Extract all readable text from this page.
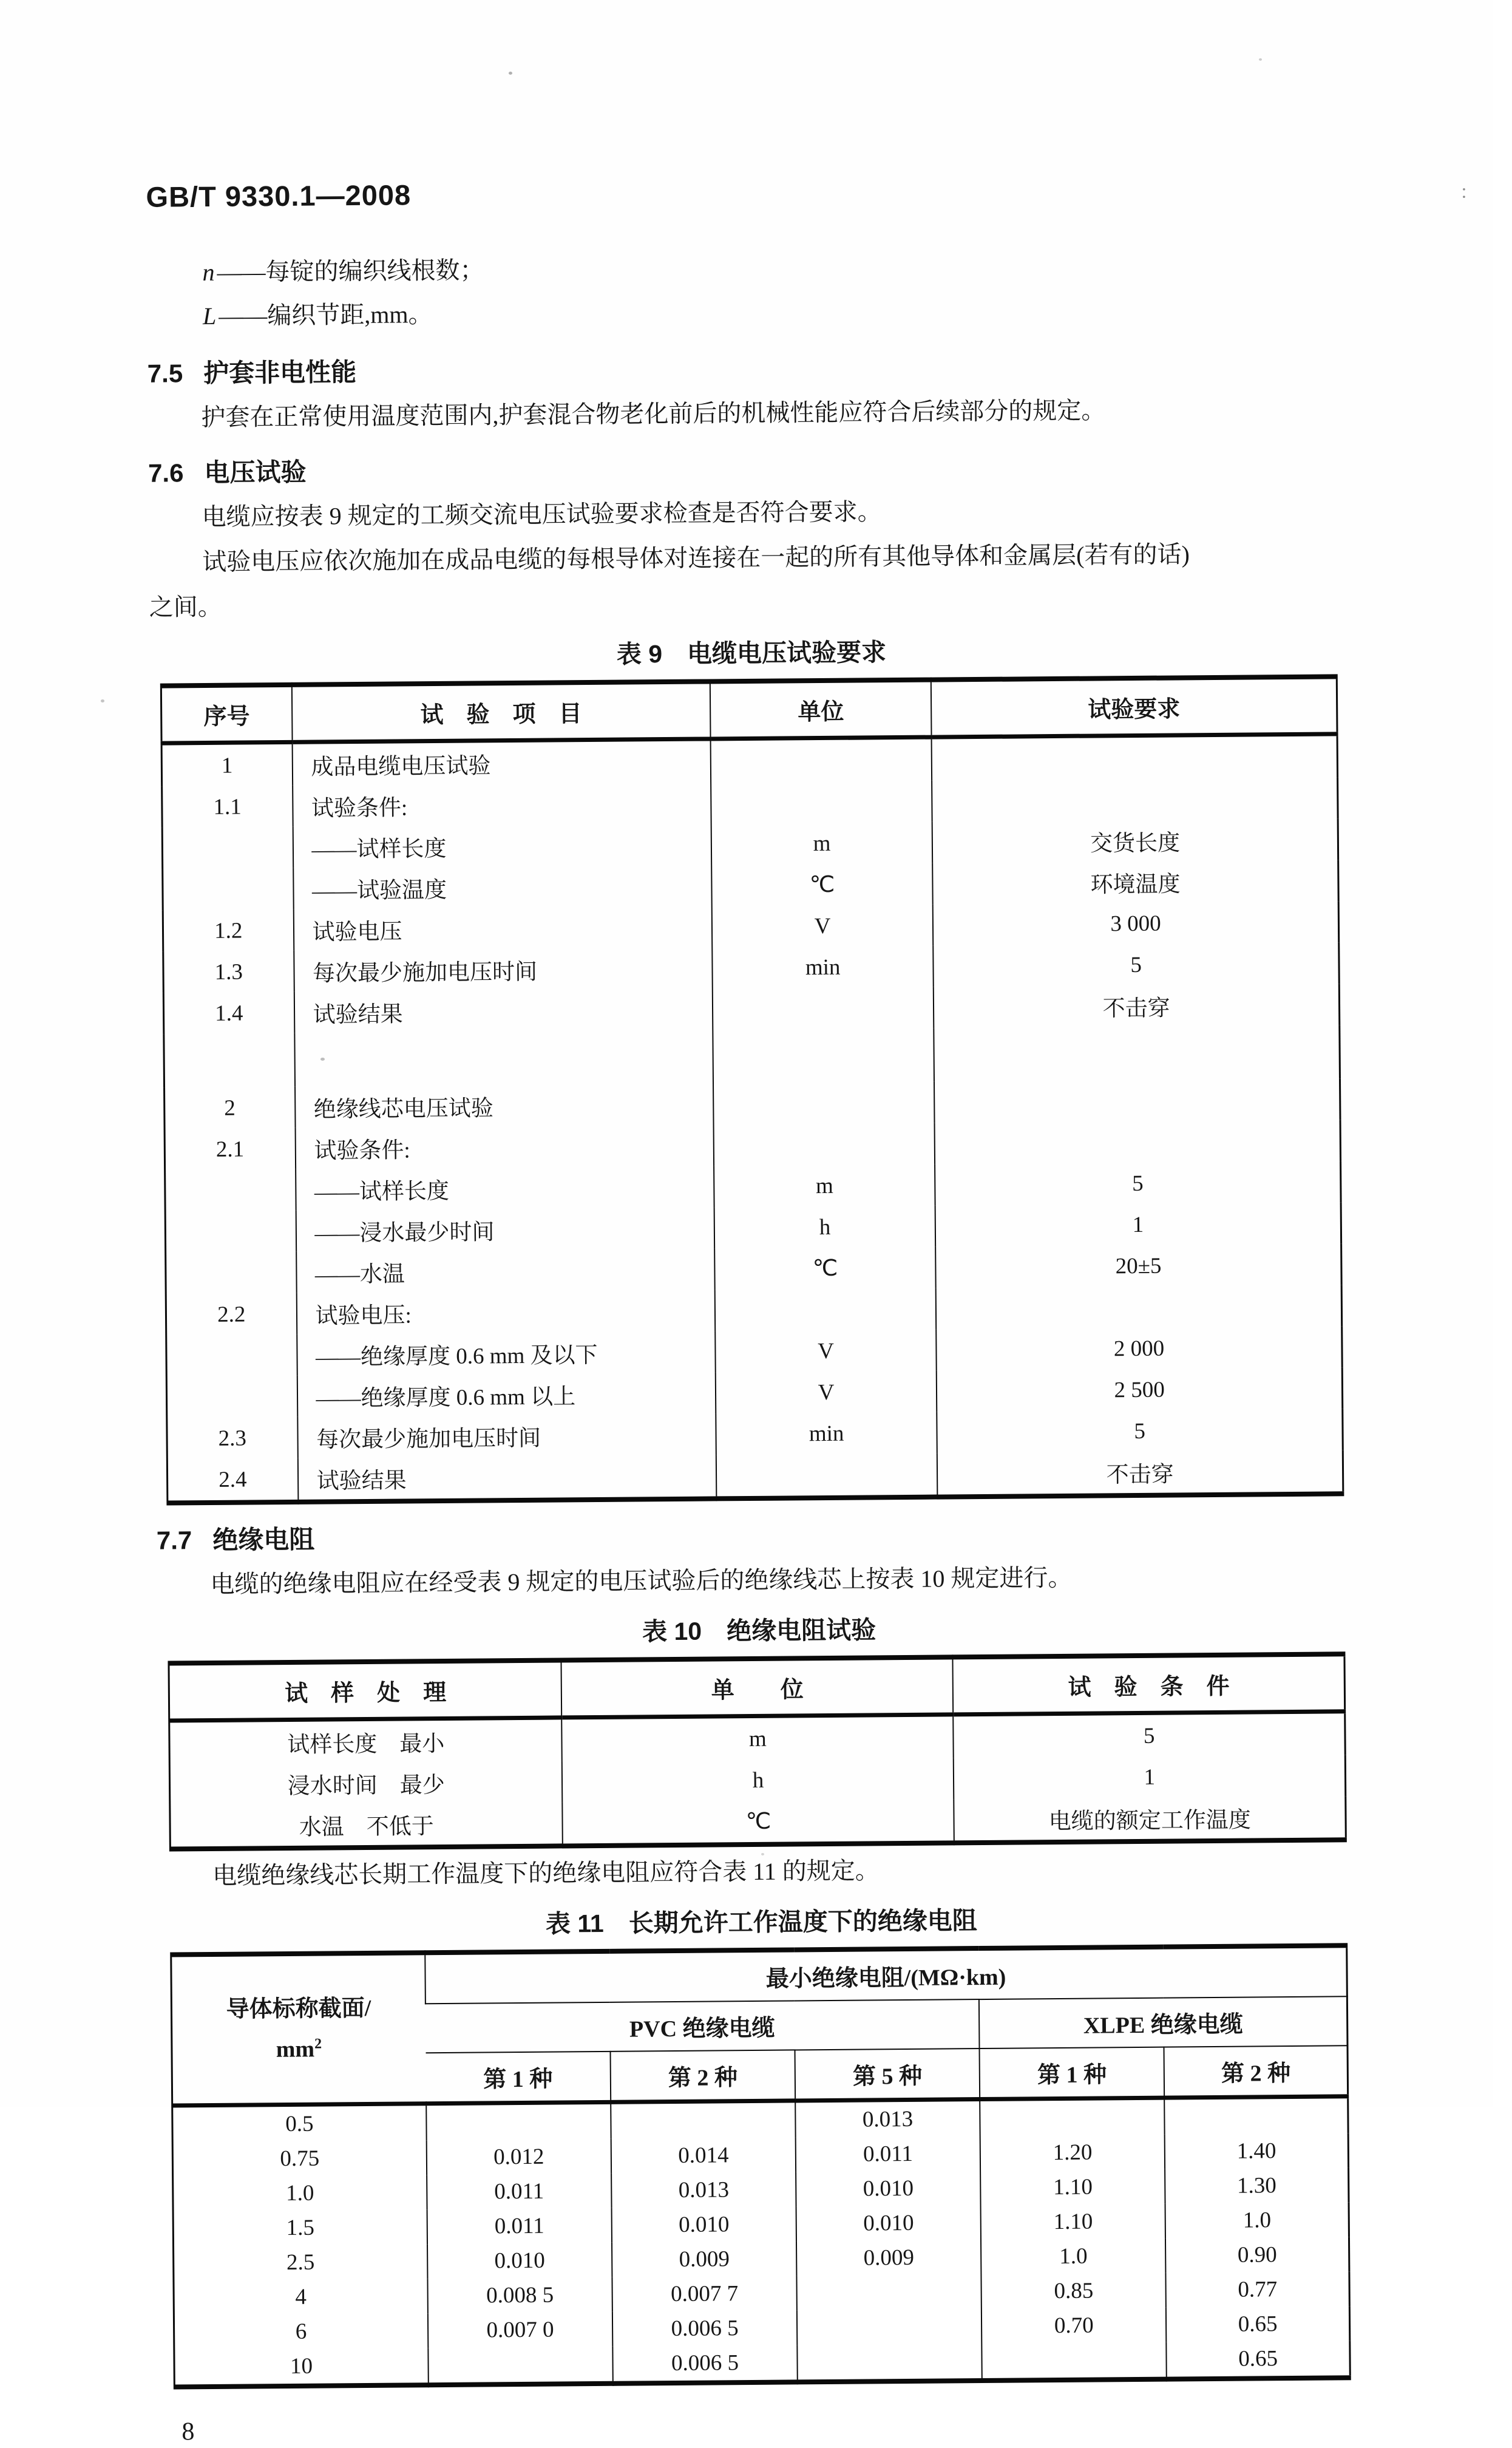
：
GB/T 9330.1—2008
n——每锭的编织线根数；
L——编织节距,mm。
7.5 护套非电性能
护套在正常使用温度范围内,护套混合物老化前后的机械性能应符合后续部分的规定。
7.6 电压试验
电缆应按表 9 规定的工频交流电压试验要求检查是否符合要求。
试验电压应依次施加在成品电缆的每根导体对连接在一起的所有其他导体和金属层(若有的话)
之间。
表 9　电缆电压试验要求
序号	试　验　项　目	单位	试验要求
1	成品电缆电压试验		
1.1	试验条件:		
	——试样长度	m	交货长度
	——试验温度	℃	环境温度
1.2	试验电压	V	3 000
1.3	每次最少施加电压时间	min	5
1.4	试验结果		不击穿

2	绝缘线芯电压试验		
2.1	试验条件:		
	——试样长度	m	5
	——浸水最少时间	h	1
	——水温	℃	20±5
2.2	试验电压:		
	——绝缘厚度 0.6 mm 及以下	V	2 000
	——绝缘厚度 0.6 mm 以上	V	2 500
2.3	每次最少施加电压时间	min	5
2.4	试验结果		不击穿
7.7 绝缘电阻
电缆的绝缘电阻应在经受表 9 规定的电压试验后的绝缘线芯上按表 10 规定进行。
表 10　绝缘电阻试验
试　样　处　理	单　　位	试　验　条　件
试样长度　最小	m	5
浸水时间　最少	h	1
水温　不低于	℃	电缆的额定工作温度
电缆绝缘线芯长期工作温度下的绝缘电阻应符合表 11 的规定。
表 11　长期允许工作温度下的绝缘电阻
导体标称截面/
$mm^2$	最小绝缘电阻/(MΩ·km)				
	PVC 绝缘电缆			XLPE 绝缘电缆	
	第 1 种	第 2 种	第 5 种	第 1 种	第 2 种
0.5			0.013		
0.75	0.012	0.014	0.011	1.20	1.40
1.0	0.011	0.013	0.010	1.10	1.30
1.5	0.011	0.010	0.010	1.10	1.0
2.5	0.010	0.009	0.009	1.0	0.90
4	0.008 5	0.007 7		0.85	0.77
6	0.007 0	0.006 5		0.70	0.65
10		0.006 5			0.65
8
